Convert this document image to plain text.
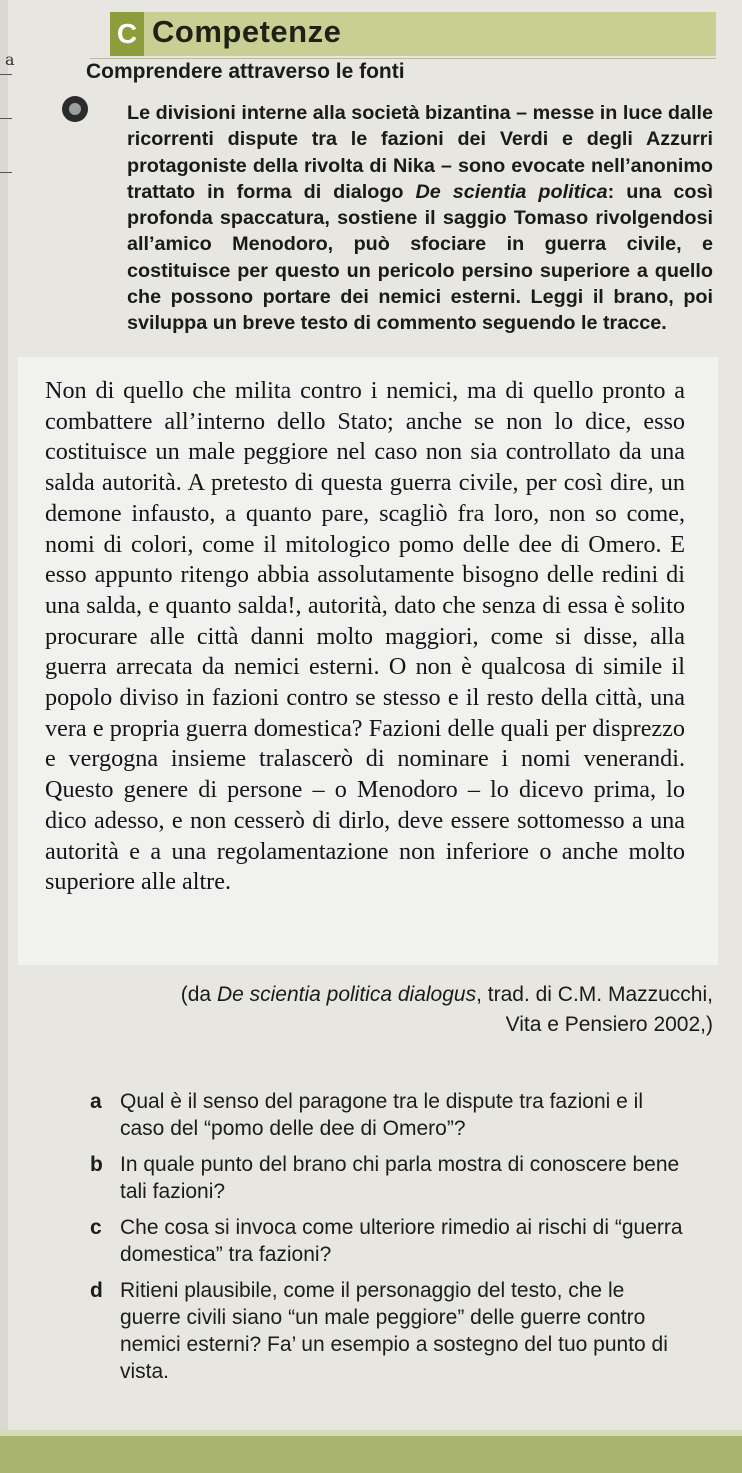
C Competenze
a
Comprendere attraverso le fonti

Le divisioni interne alla società bizantina – messe in luce dalle ricorrenti dispute tra le fazioni dei Verdi e degli Azzurri protagoniste della rivolta di Nika – sono evocate nell’anonimo trattato in forma di dialogo De scientia politica: una così profonda spaccatura, sostiene il saggio Tomaso rivolgendosi all’amico Menodoro, può sfociare in guerra civile, e costituisce per questo un pericolo persino superiore a quello che possono portare dei nemici esterni. Leggi il brano, poi sviluppa un breve testo di commento seguendo le tracce.

Non di quello che milita contro i nemici, ma di quello pronto a combattere all’interno dello Stato; anche se non lo dice, esso costituisce un male peggiore nel caso non sia controllato da una salda autorità. A pretesto di questa guerra civile, per così dire, un demone infausto, a quanto pare, scagliò fra loro, non so come, nomi di colori, come il mitologico pomo delle dee di Omero. E esso appunto ritengo abbia assolutamente bisogno delle redini di una salda, e quanto salda!, autorità, dato che senza di essa è solito procurare alle città danni molto maggiori, come si disse, alla guerra arrecata da nemici esterni. O non è qualcosa di simile il popolo diviso in fazioni contro se stesso e il resto della città, una vera e propria guerra domestica? Fazioni delle quali per disprezzo e vergogna insieme tralascerò di nominare i nomi venerandi. Questo genere di persone – o Menodoro – lo dicevo prima, lo dico adesso, e non cesserò di dirlo, deve essere sottomesso a una autorità e a una regolamentazione non inferiore o anche molto superiore alle altre.

(da De scientia politica dialogus, trad. di C.M. Mazzucchi,
Vita e Pensiero 2002,)

a Qual è il senso del paragone tra le dispute tra fazioni e il caso del “pomo delle dee di Omero”?

b In quale punto del brano chi parla mostra di conoscere bene tali fazioni?

c Che cosa si invoca come ulteriore rimedio ai rischi di “guerra domestica” tra fazioni?

d Ritieni plausibile, come il personaggio del testo, che le guerre civili siano “un male peggiore” delle guerre contro nemici esterni? Fa’ un esempio a sostegno del tuo punto di vista.
